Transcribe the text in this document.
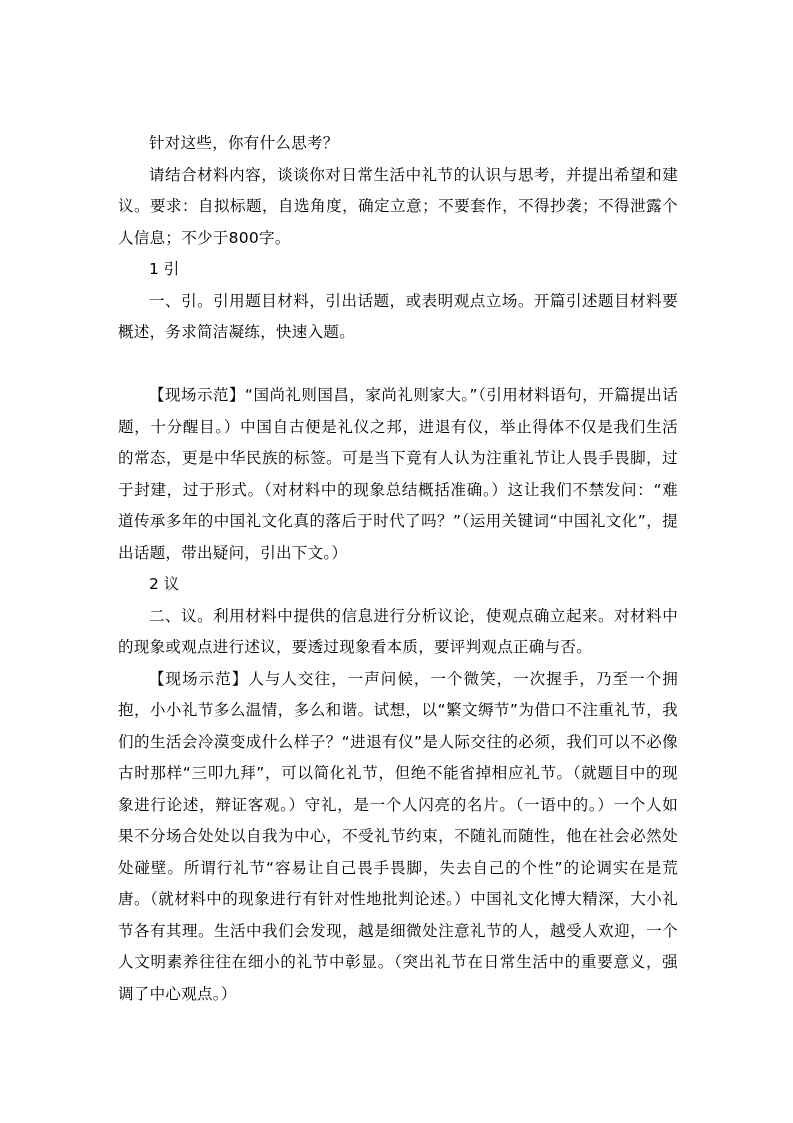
针对这些，你有什么思考？

请结合材料内容，谈谈你对日常生活中礼节的认识与思考，并提出希望和建议。要求：自拟标题，自选角度，确定立意；不要套作，不得抄袭；不得泄露个人信息；不少于800字。

1 引

一、引。引用题目材料，引出话题，或表明观点立场。开篇引述题目材料要概述，务求简洁凝练，快速入题。

【现场示范】“国尚礼则国昌，家尚礼则家大。”（引用材料语句，开篇提出话题，十分醒目。）中国自古便是礼仪之邦，进退有仪，举止得体不仅是我们生活的常态，更是中华民族的标签。可是当下竟有人认为注重礼节让人畏手畏脚，过于封建，过于形式。（对材料中的现象总结概括准确。）这让我们不禁发问：“难道传承多年的中国礼文化真的落后于时代了吗？”（运用关键词“中国礼文化”，提出话题，带出疑问，引出下文。）

2 议

二、议。利用材料中提供的信息进行分析议论，使观点确立起来。对材料中的现象或观点进行述议，要透过现象看本质，要评判观点正确与否。

【现场示范】人与人交往，一声问候，一个微笑，一次握手，乃至一个拥抱，小小礼节多么温情，多么和谐。试想，以“繁文缛节”为借口不注重礼节，我们的生活会冷漠变成什么样子？“进退有仪”是人际交往的必须，我们可以不必像古时那样“三叩九拜”，可以简化礼节，但绝不能省掉相应礼节。（就题目中的现象进行论述，辩证客观。）守礼，是一个人闪亮的名片。（一语中的。）一个人如果不分场合处处以自我为中心，不受礼节约束，不随礼而随性，他在社会必然处处碰壁。所谓行礼节“容易让自己畏手畏脚，失去自己的个性”的论调实在是荒唐。（就材料中的现象进行有针对性地批判论述。）中国礼文化博大精深，大小礼节各有其理。生活中我们会发现，越是细微处注意礼节的人，越受人欢迎，一个人文明素养往往在细小的礼节中彰显。（突出礼节在日常生活中的重要意义，强调了中心观点。）
